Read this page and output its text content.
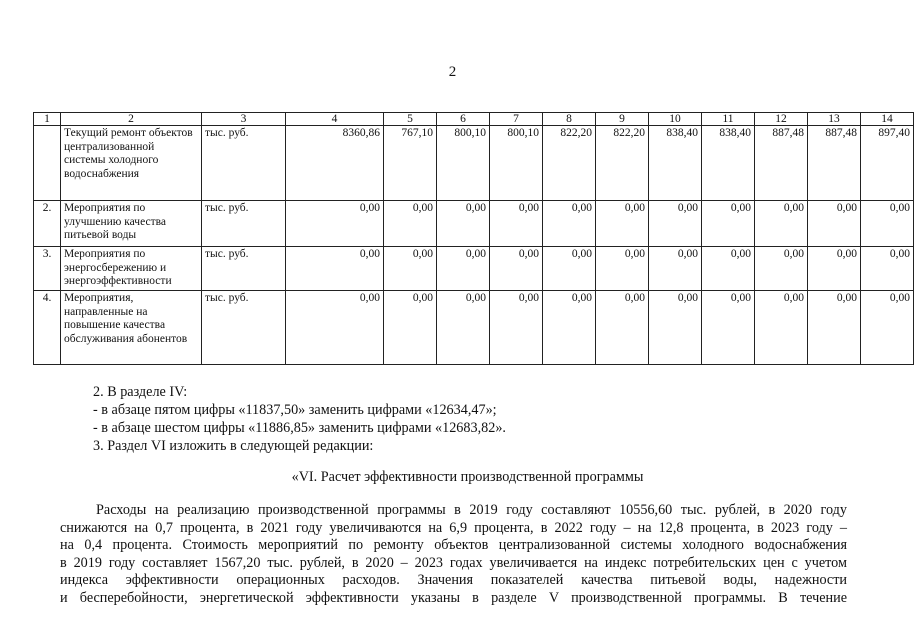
2
1	2	3	4	5	6	7	8	9	10	11	12	13	14
	Текущий ремонт объектов централизованной системы холодного водоснабжения	тыс. руб.	8360,86	767,10	800,10	800,10	822,20	822,20	838,40	838,40	887,48	887,48	897,40
2.	Мероприятия по улучшению качества питьевой воды	тыс. руб.	0,00	0,00	0,00	0,00	0,00	0,00	0,00	0,00	0,00	0,00	0,00
3.	Мероприятия по энергосбережению и энергоэффективности	тыс. руб.	0,00	0,00	0,00	0,00	0,00	0,00	0,00	0,00	0,00	0,00	0,00
4.	Мероприятия, направленные на повышение качества обслуживания абонентов	тыс. руб.	0,00	0,00	0,00	0,00	0,00	0,00	0,00	0,00	0,00	0,00	0,00
2. В разделе IV:
- в абзаце пятом цифры «11837,50» заменить цифрами «12634,47»;
- в абзаце шестом цифры «11886,85» заменить цифрами «12683,82».
3. Раздел VI изложить в следующей редакции:
«VI. Расчет эффективности производственной программы
Расходы на реализацию производственной программы в 2019 году составляют 10556,60 тыс. рублей, в 2020 году
снижаются на 0,7 процента, в 2021 году увеличиваются на 6,9 процента, в 2022 году – на 12,8 процента, в 2023 году –
на 0,4 процента. Стоимость мероприятий по ремонту объектов централизованной системы холодного водоснабжения
в 2019 году составляет 1567,20 тыс. рублей, в 2020 – 2023 годах увеличивается на индекс потребительских цен с учетом
индекса эффективности операционных расходов. Значения показателей качества питьевой воды, надежности
и бесперебойности, энергетической эффективности указаны в разделе V производственной программы. В течение
